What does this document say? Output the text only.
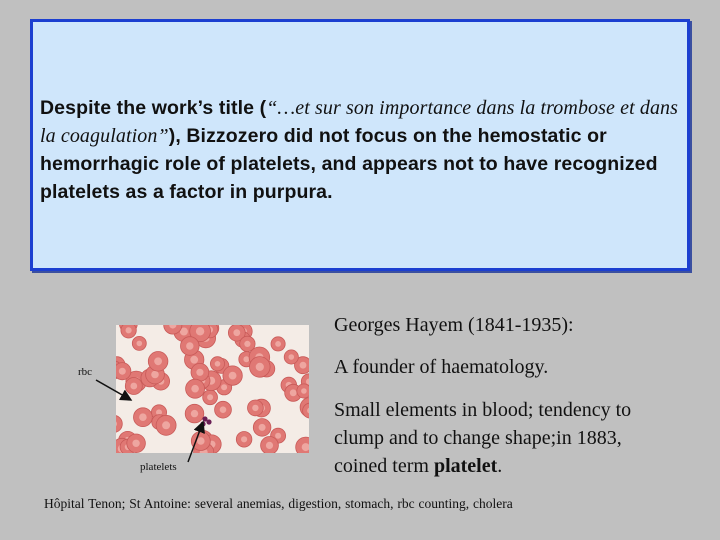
Despite the work’s title (“…et sur son importance dans la trombose et dans la coagulation”), Bizzozero did not focus on the hemostatic or hemorrhagic role of platelets, and appears not to have recognized platelets as a factor in purpura.
rbc
platelets
Georges Hayem (1841-1935):
A founder of haematology.
Small elements in blood; tendency to clump and to change shape;in 1883, coined term platelet.
Hôpital Tenon; St Antoine: several anemias, digestion, stomach, rbc counting, cholera
